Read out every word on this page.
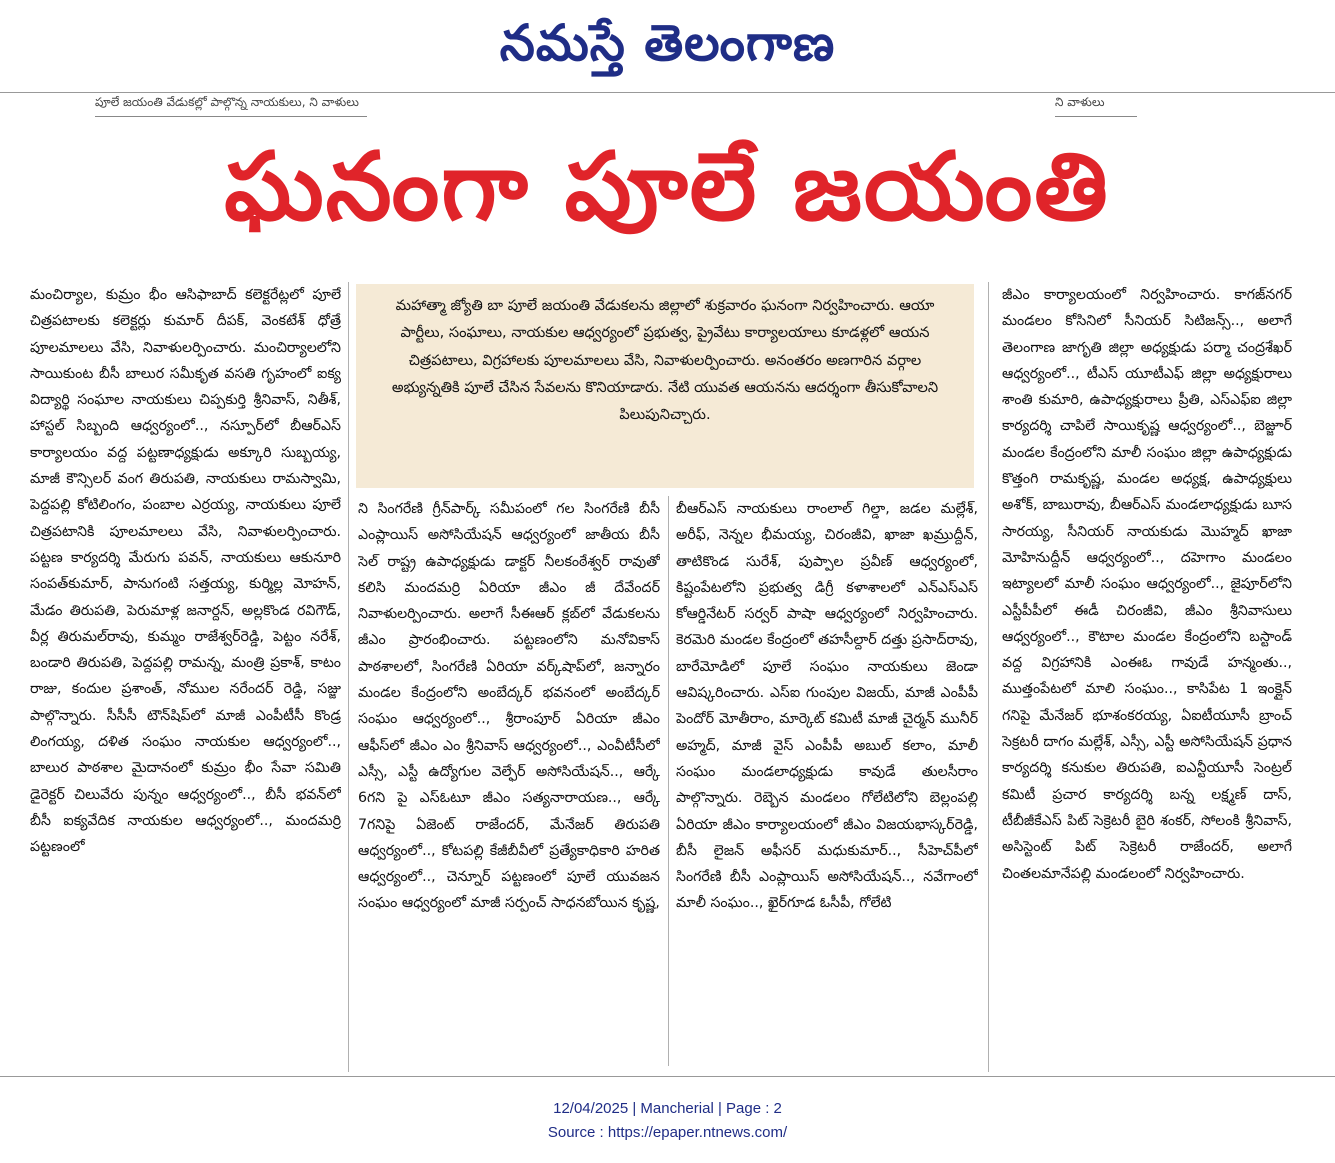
నమస్తే తెలంగాణ
పూలే జయంతి వేడుకల్లో పాల్గొన్న నాయకులు, ని వాళులు	ని వాళులు
ఘనంగా పూలే జయంతి
మంచిర్యాల, కుమ్రం భీం ఆసిఫాబాద్ కలెక్టరేట్లలో పూలే చిత్రపటాలకు కలెక్టర్లు కుమార్ దీపక్, వెంకటేశ్ ధోత్రే పూలమాలలు వేసి, నివాళులర్పించారు. మంచిర్యాలలోని సాయికుంట బీసీ బాలుర సమీకృత వసతి గృహంలో ఐక్య విద్యార్థి సంఘాల నాయకులు చిప్పకుర్తి శ్రీనివాస్, నితీశ్, హాస్టల్ సిబ్బంది ఆధ్వర్యంలో.., నస్పూర్‌లో బీఆర్ఎస్ కార్యాలయం వద్ద పట్టణాధ్యక్షుడు అక్కూరి సుబ్బయ్య, మాజీ కౌన్సిలర్ వంగ తిరుపతి, నాయకులు రామస్వామి, పెద్దపల్లి కోటిలింగం, పంబాల ఎర్రయ్య, నాయకులు పూలే చిత్రపటానికి పూలమాలలు వేసి, నివాళులర్పించారు. పట్టణ కార్యదర్శి మేరుగు పవన్, నాయకులు ఆకునూరి సంపత్‌కుమార్, పానుగంటి సత్తయ్య, కుర్మిల్ల మోహన్, మేడం తిరుపతి, పెరుమాళ్ల జనార్దన్, అల్లకొండ రవిగౌడ్, వీర్ల తిరుమల్‌రావు, కుమ్మం రాజేశ్వర్‌రెడ్డి, పెట్టం నరేశ్, బండారి తిరుపతి, పెద్దపల్లి రామన్న, మంత్రి ప్రకాశ్, కాటం రాజు, కందుల ప్రశాంత్, నోముల నరేందర్ రెడ్డి, సజ్జు పాల్గొన్నారు. సీసీసీ టౌన్‌షిప్‌లో మాజీ ఎంపీటీసీ కొండ్ర లింగయ్య, దళిత సంఘం నాయకుల ఆధ్వర్యంలో.., బాలుర పాఠశాల మైదానంలో కుమ్రం భీం సేవా సమితి డైరెక్టర్ చిలువేరు పున్నం ఆధ్వర్యంలో.., బీసీ భవన్‌లో బీసీ ఐక్యవేదిక నాయకుల ఆధ్వర్యంలో.., మందమర్రి పట్టణంలో
మహాత్మా జ్యోతి బా పూలే జయంతి వేడుకలను జిల్లాలో శుక్రవారం ఘనంగా నిర్వహించారు. ఆయా పార్టీలు, సంఘాలు, నాయకుల ఆధ్వర్యంలో ప్రభుత్వ, ప్రైవేటు కార్యాలయాలు కూడళ్లలో ఆయన చిత్రపటాలు, విగ్రహాలకు పూలమాలలు వేసి, నివాళులర్పించారు. అనంతరం అణగారిన వర్గాల అభ్యున్నతికి పూలే చేసిన సేవలను కొనియాడారు. నేటి యువత ఆయనను ఆదర్శంగా తీసుకోవాలని పిలుపునిచ్చారు.
ని సింగరేణి గ్రీన్‌పార్క్ సమీపంలో గల సింగరేణి బీసీ ఎంప్లాయిస్ అసోసియేషన్ ఆధ్వర్యంలో జాతీయ బీసీ సెల్ రాష్ట్ర ఉపాధ్యక్షుడు డాక్టర్ నీలకంఠేశ్వర్ రావుతో కలిసి మందమర్రి ఏరియా జీఎం జీ దేవేందర్ నివాళులర్పించారు. అలాగే సీఈఆర్ క్లబ్‌లో వేడుకలను జీఎం ప్రారంభించారు. పట్టణంలోని మనోవికాస్ పాఠశాలలో, సింగరేణి ఏరియా వర్క్‌షాప్‌లో, జన్నారం మండల కేంద్రంలోని అంబేద్కర్ భవనంలో అంబేద్కర్ సంఘం ఆధ్వర్యంలో.., శ్రీరాంపూర్ ఏరియా జీఎం ఆఫీస్‌లో జీఎం ఎం శ్రీనివాస్ ఆధ్వర్యంలో.., ఎంవీటీసీలో ఎస్సీ, ఎస్టీ ఉద్యోగుల వెల్ఫేర్ అసోసియేషన్.., ఆర్కే 6గని పై ఎస్ఓటూ జీఎం సత్యనారాయణ.., ఆర్కే 7గనిపై ఏజెంట్ రాజేందర్, మేనేజర్ తిరుపతి ఆధ్వర్యంలో.., కోటపల్లి కేజీబీవీలో ప్రత్యేకాధికారి హరిత ఆధ్వర్యంలో.., చెన్నూర్ పట్టణంలో పూలే యువజన సంఘం ఆధ్వర్యంలో మాజీ సర్పంచ్ సాధనబోయిన కృష్ణ,
బీఆర్ఎస్ నాయకులు రాంలాల్ గిల్డా, జడల మల్లేశ్, అరీఫ్, నెన్నల భీమయ్య, చిరంజీవి, ఖాజా ఖమ్రుద్దీన్, తాటికొండ సురేశ్, పుప్పాల ప్రవీణ్ ఆధ్వర్యంలో, కిష్టంపేటలోని ప్రభుత్వ డిగ్రీ కళాశాలలో ఎన్ఎస్ఎస్ కోఆర్డినేటర్ సర్వర్ పాషా ఆధ్వర్యంలో నిర్వహించారు. కెరమెరి మండల కేంద్రంలో తహసీల్దార్ దత్తు ప్రసాద్‌రావు, బారేమోడిలో పూలే సంఘం నాయకులు జెండా ఆవిష్కరించారు. ఎస్ఐ గుంపుల విజయ్, మాజీ ఎంపీపీ పెందోర్ మోతీరాం, మార్కెట్ కమిటీ మాజీ చైర్మన్ మునీర్ అహ్మద్, మాజీ వైస్ ఎంపీపీ అబుల్ కలాం, మాలీ సంఘం మండలాధ్యక్షుడు కావుడే తులసీరాం పాల్గొన్నారు. రెబ్బెన మండలం గోలేటిలోని బెల్లంపల్లి ఏరియా జీఎం కార్యాలయంలో జీఎం విజయభాస్కర్‌రెడ్డి, బీసీ లైజన్ అఫీసర్ మధుకుమార్.., సీహెచ్‌పీలో సింగరేణి బీసీ ఎంప్లాయిస్ అసోసియేషన్.., నవేగాంలో మాలీ సంఘం.., ఖైర్‌గూడ ఓసీపీ, గోలేటి
జీఎం కార్యాలయంలో నిర్వహించారు. కాగజ్‌నగర్ మండలం కోసినిలో సీనియర్ సిటిజన్స్.., అలాగే తెలంగాణ జాగృతి జిల్లా అధ్యక్షుడు పర్మా చంద్రశేఖర్ ఆధ్వర్యంలో.., టీఎస్ యూటీఎఫ్ జిల్లా అధ్యక్షురాలు శాంతి కుమారి, ఉపాధ్యక్షురాలు ప్రీతి, ఎస్ఎఫ్ఐ జిల్లా కార్యదర్శి చాపిలే సాయికృష్ణ ఆధ్వర్యంలో.., బెజ్జూర్ మండల కేంద్రంలోని మాలీ సంఘం జిల్లా ఉపాధ్యక్షుడు కొత్తంగి రామకృష్ణ, మండల అధ్యక్ష, ఉపాధ్యక్షులు అశోక్, బాబురావు, బీఆర్ఎస్ మండలాధ్యక్షుడు బూస సారయ్య, సీనియర్ నాయకుడు మొహ్మద్ ఖాజా మోహినుద్దీన్ ఆధ్వర్యంలో.., దహెగాం మండలం ఇట్యాలలో మాలీ సంఘం ఆధ్వర్యంలో.., జైపూర్‌లోని ఎస్టీపీపీలో ఈడీ చిరంజీవి, జీఎం శ్రీనివాసులు ఆధ్వర్యంలో.., కౌటాల మండల కేంద్రంలోని బస్టాండ్ వద్ద విగ్రహానికి ఎంఈఓ గావుడే హన్మంతు.., ముత్తంపేటలో మాలి సంఘం.., కాసిపేట 1 ఇంక్లైన్ గనిపై మేనేజర్ భూశంకరయ్య, ఏఐటీయూసీ బ్రాంచ్ సెక్రటరీ దాగం మల్లేశ్, ఎస్సీ, ఎస్టీ అసోసియేషన్ ప్రధాన కార్యదర్శి కనుకుల తిరుపతి, ఐఎన్టీయూసీ సెంట్రల్ కమిటీ ప్రచార కార్యదర్శి బన్న లక్ష్మణ్ దాస్, టీబీజీకేఎస్ పిట్ సెక్రెటరీ బైరి శంకర్, సోలంకి శ్రీనివాస్, అసిస్టెంట్ పిట్ సెక్రెటరీ రాజేందర్, అలాగే చింతలమానేపల్లి మండలంలో నిర్వహించారు.
12/04/2025 | Mancherial | Page : 2
Source : https://epaper.ntnews.com/
